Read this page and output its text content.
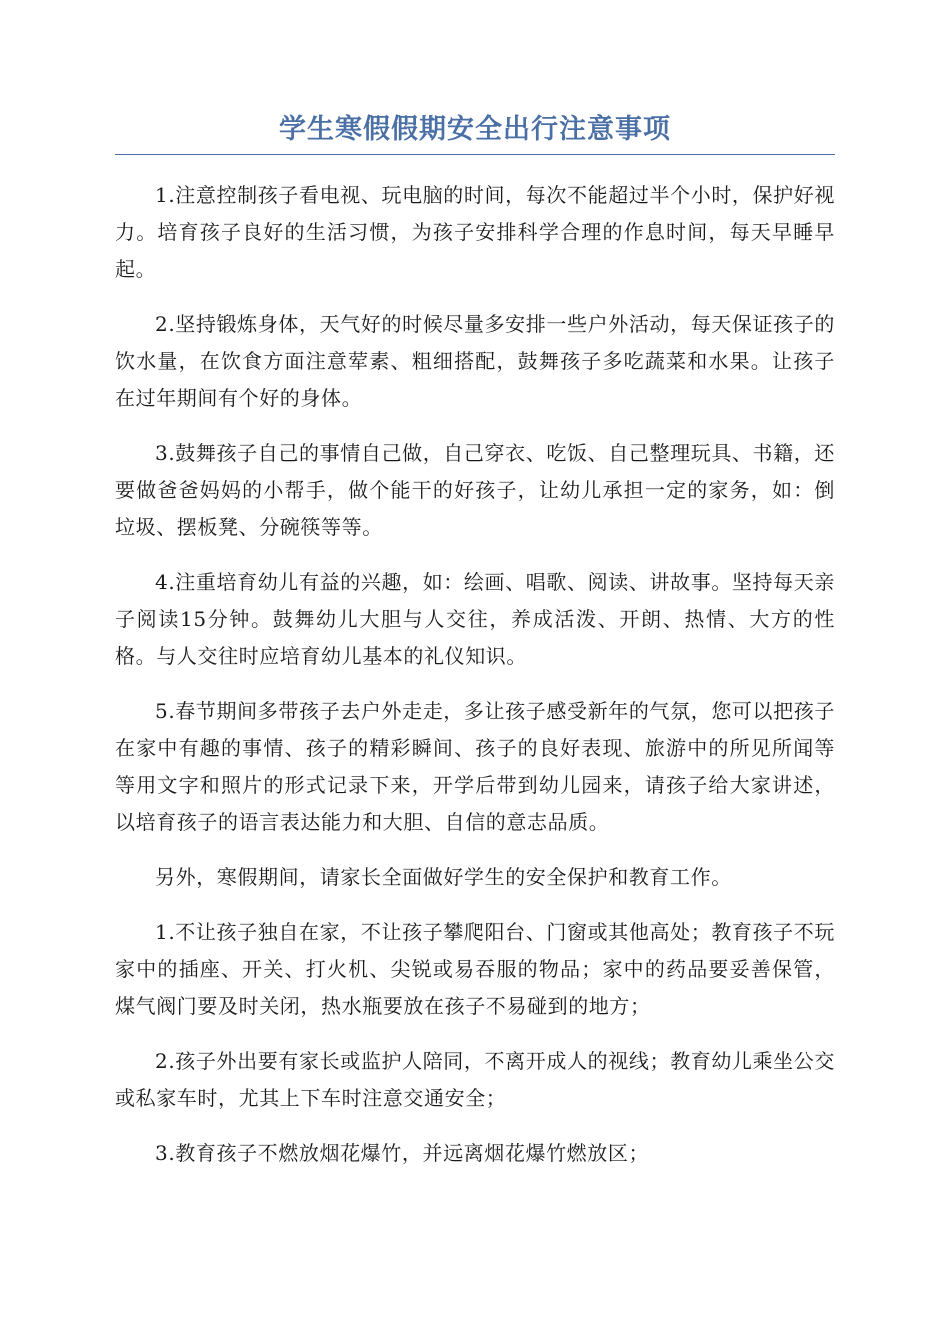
学生寒假假期安全出行注意事项

1.注意控制孩子看电视、玩电脑的时间，每次不能超过半个小时，保护好视力。培育孩子良好的生活习惯，为孩子安排科学合理的作息时间，每天早睡早起。

2.坚持锻炼身体，天气好的时候尽量多安排一些户外活动，每天保证孩子的饮水量，在饮食方面注意荤素、粗细搭配，鼓舞孩子多吃蔬菜和水果。让孩子在过年期间有个好的身体。

3.鼓舞孩子自己的事情自己做，自己穿衣、吃饭、自己整理玩具、书籍，还要做爸爸妈妈的小帮手，做个能干的好孩子，让幼儿承担一定的家务，如：倒垃圾、摆板凳、分碗筷等等。

4.注重培育幼儿有益的兴趣，如：绘画、唱歌、阅读、讲故事。坚持每天亲子阅读15分钟。鼓舞幼儿大胆与人交往，养成活泼、开朗、热情、大方的性格。与人交往时应培育幼儿基本的礼仪知识。

5.春节期间多带孩子去户外走走，多让孩子感受新年的气氛，您可以把孩子在家中有趣的事情、孩子的精彩瞬间、孩子的良好表现、旅游中的所见所闻等等用文字和照片的形式记录下来，开学后带到幼儿园来，请孩子给大家讲述，以培育孩子的语言表达能力和大胆、自信的意志品质。

另外，寒假期间，请家长全面做好学生的安全保护和教育工作。

1.不让孩子独自在家，不让孩子攀爬阳台、门窗或其他高处；教育孩子不玩家中的插座、开关、打火机、尖锐或易吞服的物品；家中的药品要妥善保管，煤气阀门要及时关闭，热水瓶要放在孩子不易碰到的地方；

2.孩子外出要有家长或监护人陪同，不离开成人的视线；教育幼儿乘坐公交或私家车时，尤其上下车时注意交通安全；

3.教育孩子不燃放烟花爆竹，并远离烟花爆竹燃放区；
